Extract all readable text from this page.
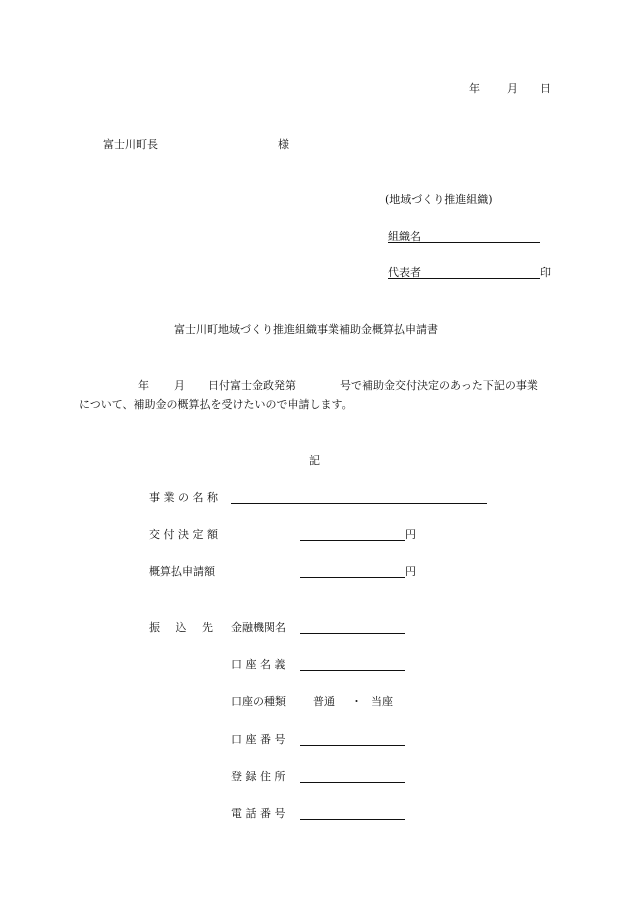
年 月 日
富士川町長	様
(地域づくり推進組織)
組織名
代表者	印
富士川町地域づくり推進組織事業補助金概算払申請書
年 月 日付富士金政発第	号で補助金交付決定のあった下記の事業
について、補助金の概算払を受けたいので申請します。
記
事 業 の 名 称
交 付 決 定 額	円
概算払申請額	円
振 込 先 金融機関名
口 座 名 義
口座の種類 普通 ・ 当座
口 座 番 号
登 録 住 所
電 話 番 号
